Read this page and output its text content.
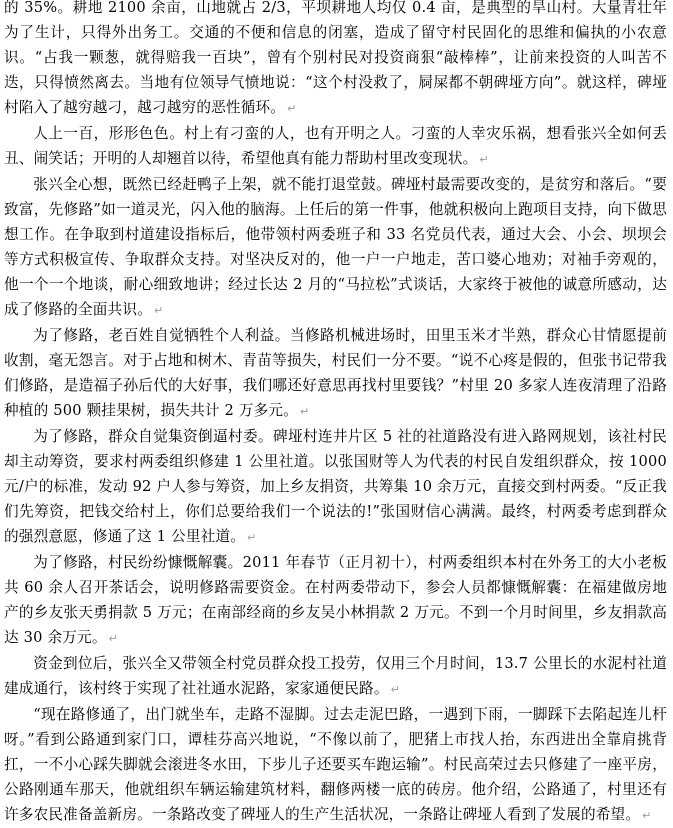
的 35%。耕地 2100 余亩，山地就占 2/3，平坝耕地人均仅 0.4 亩，是典型的旱山村。大量青壮年为了生计，只得外出务工。交通的不便和信息的闭塞，造成了留守村民固化的思维和偏执的小农意识。“占我一颗葱，就得赔我一百块”，曾有个别村民对投资商狠“敲棒棒”，让前来投资的人叫苦不迭，只得愤然离去。当地有位领导气愤地说：“这个村没救了，屙屎都不朝碑垭方向”。就这样，碑垭村陷入了越穷越刁，越刁越穷的恶性循环。 ↵

人上一百，形形色色。村上有刁蛮的人，也有开明之人。刁蛮的人幸灾乐祸，想看张兴全如何丢丑、闹笑话；开明的人却翘首以待，希望他真有能力帮助村里改变现状。 ↵

张兴全心想，既然已经赶鸭子上架，就不能打退堂鼓。碑垭村最需要改变的，是贫穷和落后。“要致富，先修路”如一道灵光，闪入他的脑海。上任后的第一件事，他就积极向上跑项目支持，向下做思想工作。在争取到村道建设指标后，他带领村两委班子和 33 名党员代表，通过大会、小会、坝坝会等方式积极宣传、争取群众支持。对坚决反对的，他一户一户地走，苦口婆心地劝；对袖手旁观的，他一个一个地谈，耐心细致地讲；经过长达 2 月的“马拉松”式谈话，大家终于被他的诚意所感动，达成了修路的全面共识。 ↵

为了修路，老百姓自觉牺牲个人利益。当修路机械进场时，田里玉米才半熟，群众心甘情愿提前收割，毫无怨言。对于占地和树木、青苗等损失，村民们一分不要。“说不心疼是假的，但张书记带我们修路，是造福子孙后代的大好事，我们哪还好意思再找村里要钱？”村里 20 多家人连夜清理了沿路种植的 500 颗挂果树，损失共计 2 万多元。 ↵

为了修路，群众自觉集资倒逼村委。碑垭村连井片区 5 社的社道路没有进入路网规划，该社村民却主动筹资，要求村两委组织修建 1 公里社道。以张国财等人为代表的村民自发组织群众，按 1000 元/户的标准，发动 92 户人参与筹资，加上乡友捐资，共筹集 10 余万元，直接交到村两委。“反正我们先筹资，把钱交给村上，你们总要给我们一个说法的!”张国财信心满满。最终，村两委考虑到群众的强烈意愿，修通了这 1 公里社道。 ↵

为了修路，村民纷纷慷慨解囊。2011 年春节（正月初十），村两委组织本村在外务工的大小老板共 60 余人召开茶话会，说明修路需要资金。在村两委带动下，参会人员都慷慨解囊：在福建做房地产的乡友张天勇捐款 5 万元；在南部经商的乡友吴小林捐款 2 万元。不到一个月时间里，乡友捐款高达 30 余万元。 ↵

资金到位后，张兴全又带领全村党员群众投工投劳，仅用三个月时间，13.7 公里长的水泥村社道建成通行，该村终于实现了社社通水泥路，家家通便民路。 ↵

“现在路修通了，出门就坐车，走路不湿脚。过去走泥巴路，一遇到下雨，一脚踩下去陷起连儿杆呀。”看到公路通到家门口，谭桂芬高兴地说，“不像以前了，肥猪上市找人抬，东西进出全靠肩挑背扛，一不小心踩失脚就会滚进冬水田，下步儿子还要买车跑运输”。村民高荣过去只修建了一座平房，公路刚通车那天，他就组织车辆运输建筑材料，翻修两楼一底的砖房。他介绍，公路通了，村里还有许多农民准备盖新房。一条路改变了碑垭人的生产生活状况，一条路让碑垭人看到了发展的希望。 ↵
